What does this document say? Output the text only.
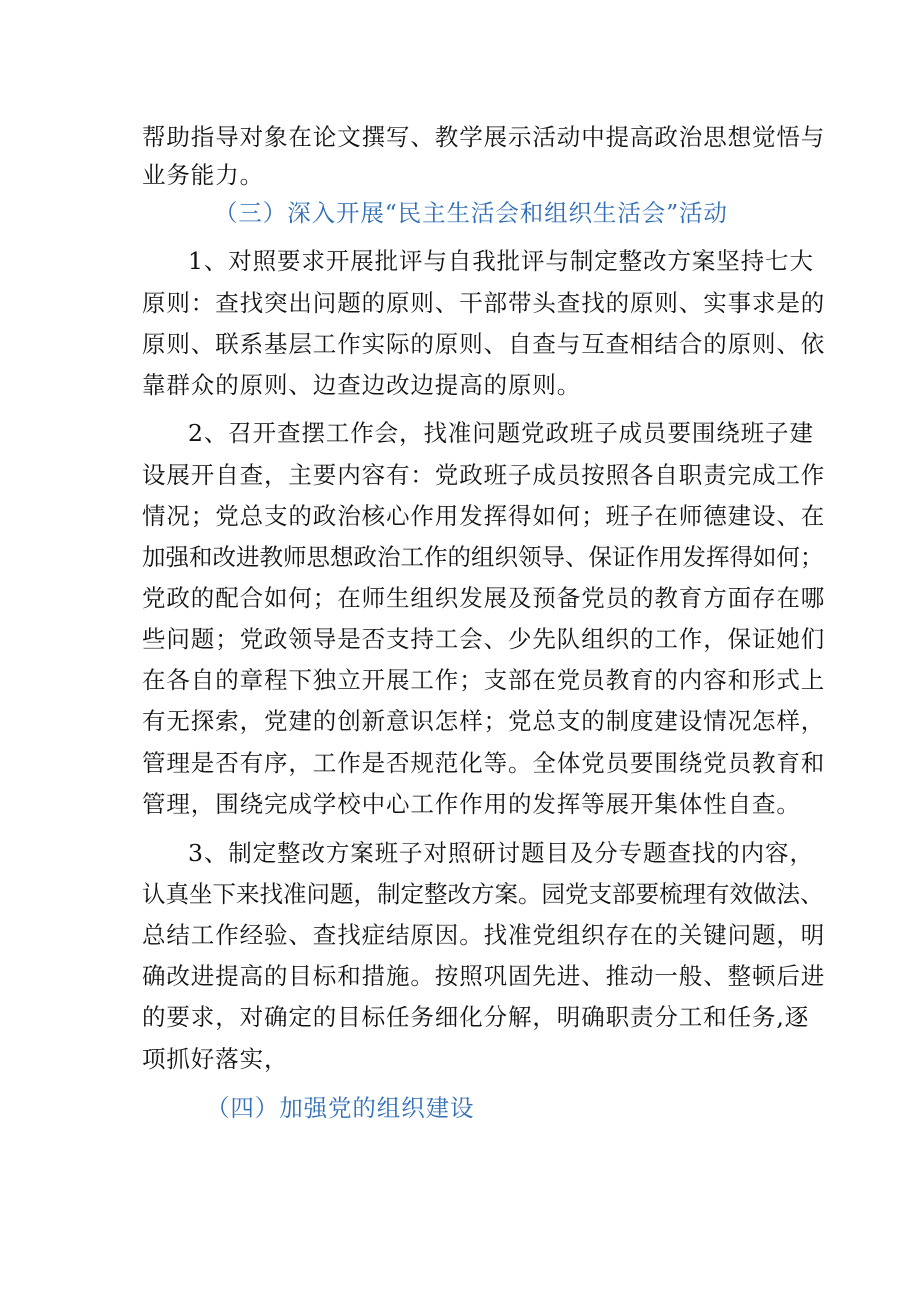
帮助指导对象在论文撰写、教学展示活动中提高政治思想觉悟与
业务能力。
（三）深入开展“民主生活会和组织生活会”活动
1、对照要求开展批评与自我批评与制定整改方案坚持七大
原则：查找突出问题的原则、干部带头查找的原则、实事求是的
原则、联系基层工作实际的原则、自查与互查相结合的原则、依
靠群众的原则、边查边改边提高的原则。
2、召开查摆工作会，找准问题党政班子成员要围绕班子建
设展开自查，主要内容有：党政班子成员按照各自职责完成工作
情况；党总支的政治核心作用发挥得如何；班子在师德建设、在
加强和改进教师思想政治工作的组织领导、保证作用发挥得如何；
党政的配合如何；在师生组织发展及预备党员的教育方面存在哪
些问题；党政领导是否支持工会、少先队组织的工作，保证她们
在各自的章程下独立开展工作；支部在党员教育的内容和形式上
有无探索，党建的创新意识怎样；党总支的制度建设情况怎样，
管理是否有序，工作是否规范化等。全体党员要围绕党员教育和
管理，围绕完成学校中心工作作用的发挥等展开集体性自查。
3、制定整改方案班子对照研讨题目及分专题查找的内容，
认真坐下来找准问题，制定整改方案。园党支部要梳理有效做法、
总结工作经验、查找症结原因。找准党组织存在的关键问题，明
确改进提高的目标和措施。按照巩固先进、推动一般、整顿后进
的要求，对确定的目标任务细化分解，明确职责分工和任务,逐
项抓好落实，
（四）加强党的组织建设
